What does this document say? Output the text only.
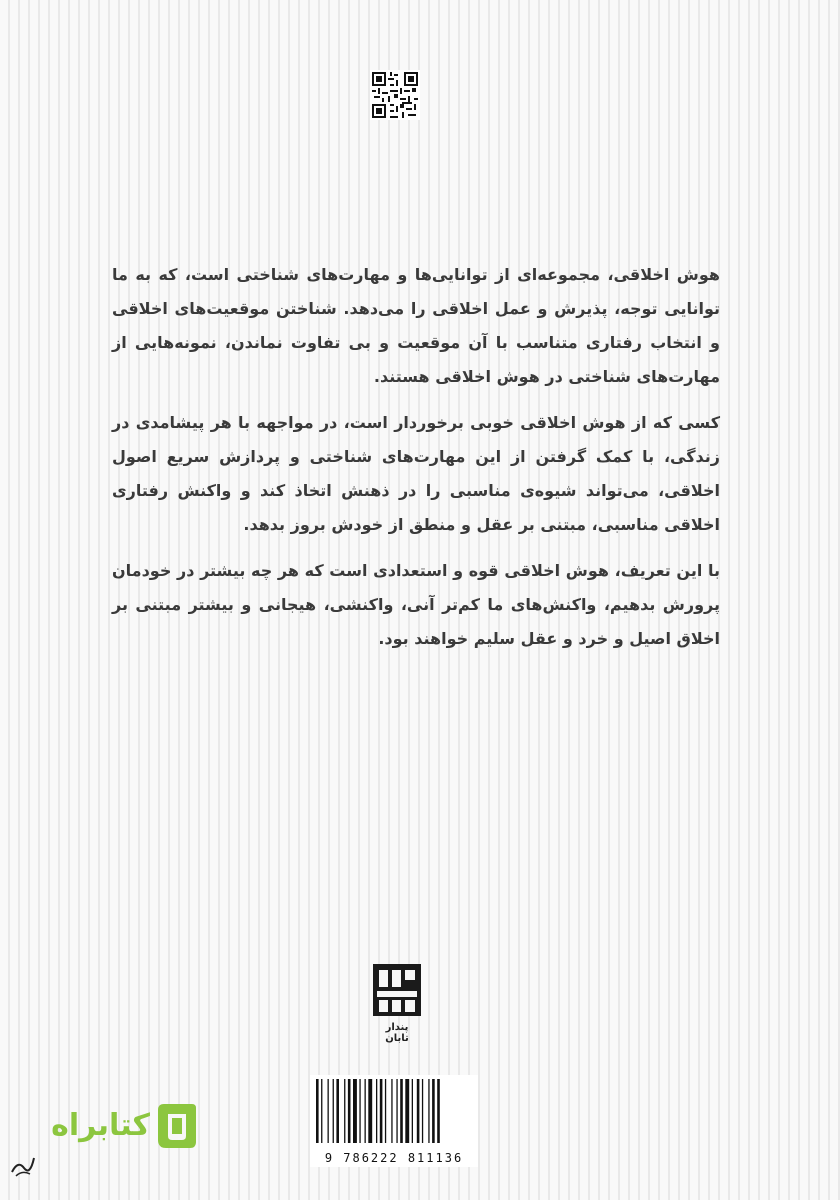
هوش اخلاقی، مجموعه‌ای از توانایی‌ها و مهارت‌های شناختی است، که به ما توانایی توجه، پذیرش و عمل اخلاقی را می‌دهد. شناختن موقعیت‌های اخلاقی و انتخاب رفتاری متناسب با آن موقعیت و بی تفاوت نماندن، نمونه‌هایی از مهارت‌های شناختی در هوش اخلاقی هستند.

کسی که از هوش اخلاقی خوبی برخوردار است، در مواجهه با هر پیشامدی در زندگی، با کمک گرفتن از این مهارت‌های شناختی و پردازش سریع اصول اخلاقی، می‌تواند شیوه‌ی مناسبی را در ذهنش اتخاذ کند و واکنش رفتاری اخلاقی مناسبی، مبتنی بر عقل و منطق از خودش بروز بدهد.

با این تعریف، هوش اخلاقی قوه و استعدادی است که هر چه بیشتر در خودمان پرورش بدهیم، واکنش‌های ما کم‌تر آنی، واکنشی، هیجانی و بیشتر مبتنی بر اخلاق اصیل و خرد و عقل سلیم خواهند بود.

پندار تابان
9 786222 811136
کتابراه
